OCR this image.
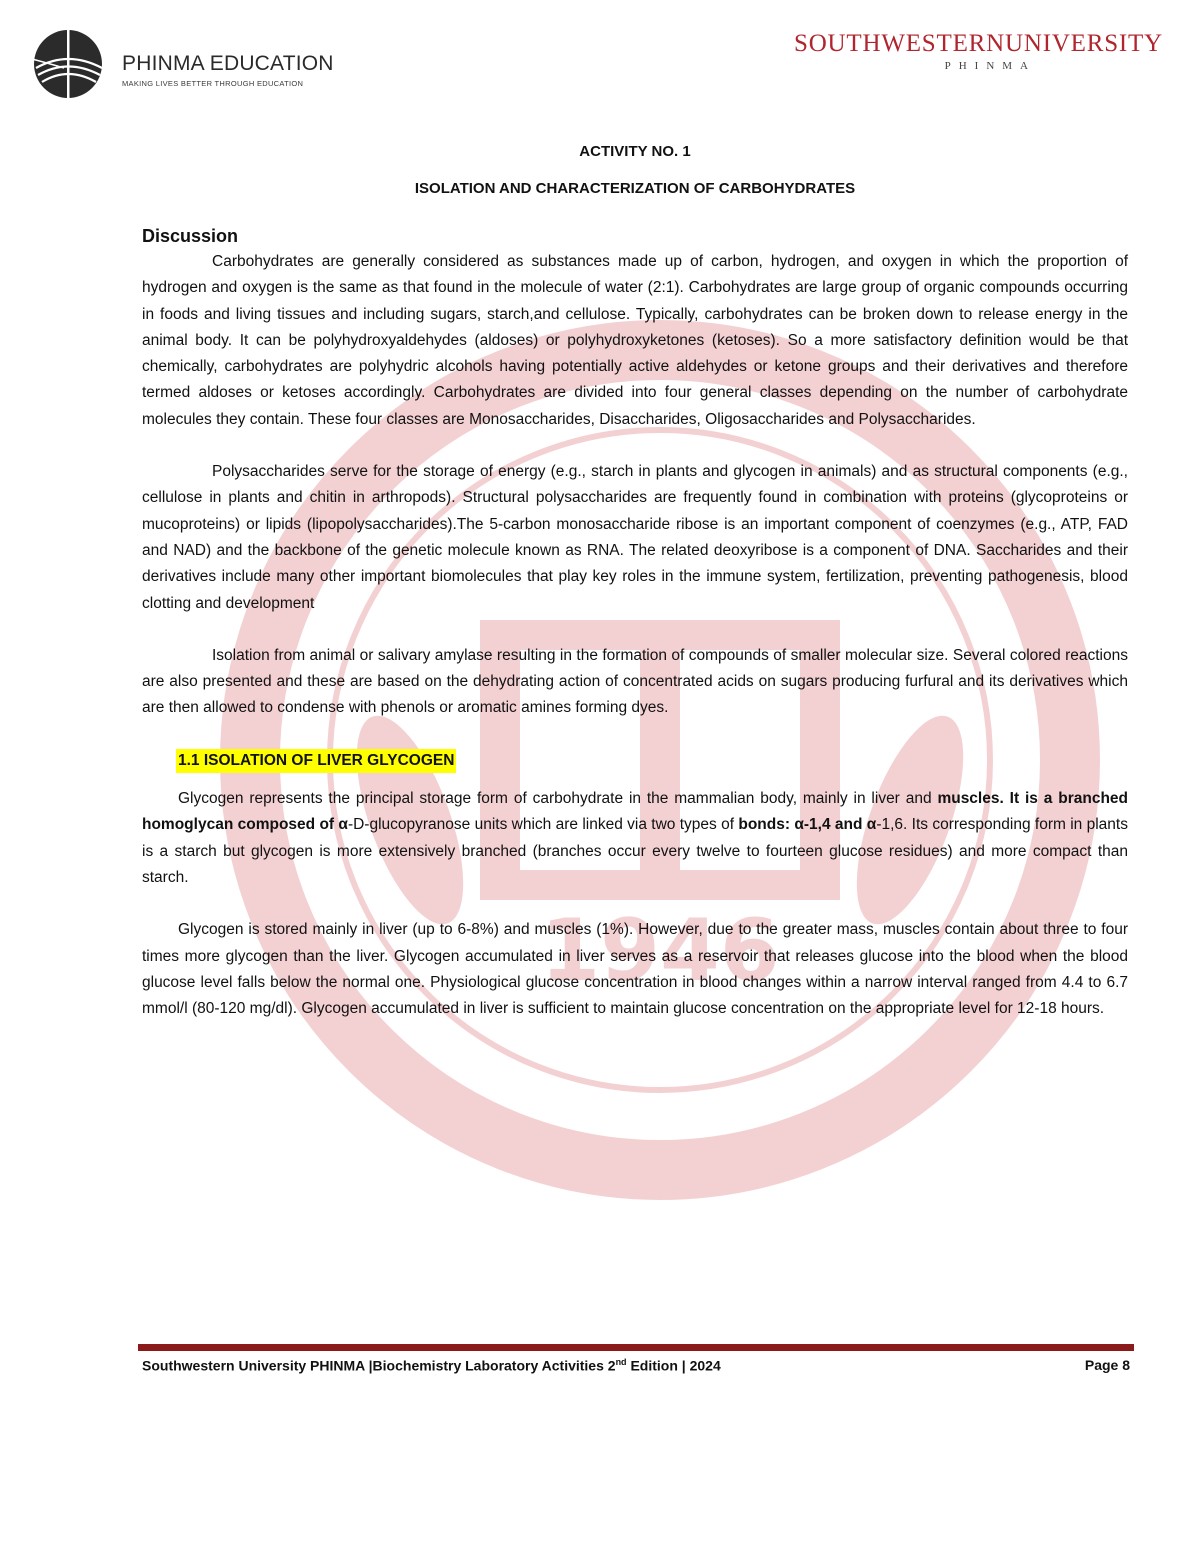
PHINMA EDUCATION
MAKING LIVES BETTER THROUGH EDUCATION
SOUTHWESTERNUNIVERSITY
PHINMA
1946
ACTIVITY NO. 1
ISOLATION AND CHARACTERIZATION OF CARBOHYDRATES
Discussion

Carbohydrates are generally considered as substances made up of carbon, hydrogen, and oxygen in which the proportion of hydrogen and oxygen is the same as that found in the molecule of water (2:1). Carbohydrates are large group of organic compounds occurring in foods and living tissues and including sugars, starch,and cellulose. Typically, carbohydrates can be broken down to release energy in the animal body. It can be polyhydroxyaldehydes (aldoses) or polyhydroxyketones (ketoses). So a more satisfactory definition would be that chemically, carbohydrates are polyhydric alcohols having potentially active aldehydes or ketone groups and their derivatives and therefore termed aldoses or ketoses accordingly. Carbohydrates are divided into four general classes depending on the number of carbohydrate molecules they contain. These four classes are Monosaccharides, Disaccharides, Oligosaccharides and Polysaccharides.

Polysaccharides serve for the storage of energy (e.g., starch in plants and glycogen in animals) and as structural components (e.g., cellulose in plants and chitin in arthropods). Structural polysaccharides are frequently found in combination with proteins (glycoproteins or mucoproteins) or lipids (lipopolysaccharides).The 5-carbon monosaccharide ribose is an important component of coenzymes (e.g., ATP, FAD and NAD) and the backbone of the genetic molecule known as RNA. The related deoxyribose is a component of DNA. Saccharides and their derivatives include many other important biomolecules that play key roles in the immune system, fertilization, preventing pathogenesis, blood clotting and development

Isolation from animal or salivary amylase resulting in the formation of compounds of smaller molecular size. Several colored reactions are also presented and these are based on the dehydrating action of concentrated acids on sugars producing furfural and its derivatives which are then allowed to condense with phenols or aromatic amines forming dyes.

1.1 ISOLATION OF LIVER GLYCOGEN

Glycogen represents the principal storage form of carbohydrate in the mammalian body, mainly in liver and muscles. It is a branched homoglycan composed of α-D-glucopyranose units which are linked via two types of bonds: α-1,4 and α-1,6. Its corresponding form in plants is a starch but glycogen is more extensively branched (branches occur every twelve to fourteen glucose residues) and more compact than starch.

Glycogen is stored mainly in liver (up to 6-8%) and muscles (1%). However, due to the greater mass, muscles contain about three to four times more glycogen than the liver. Glycogen accumulated in liver serves as a reservoir that releases glucose into the blood when the blood glucose level falls below the normal one. Physiological glucose concentration in blood changes within a narrow interval ranged from 4.4 to 6.7 mmol/l (80-120 mg/dl). Glycogen accumulated in liver is sufficient to maintain glucose concentration on the appropriate level for 12-18 hours.

Southwestern University PHINMA |Biochemistry Laboratory Activities 2nd Edition | 2024	Page 8
